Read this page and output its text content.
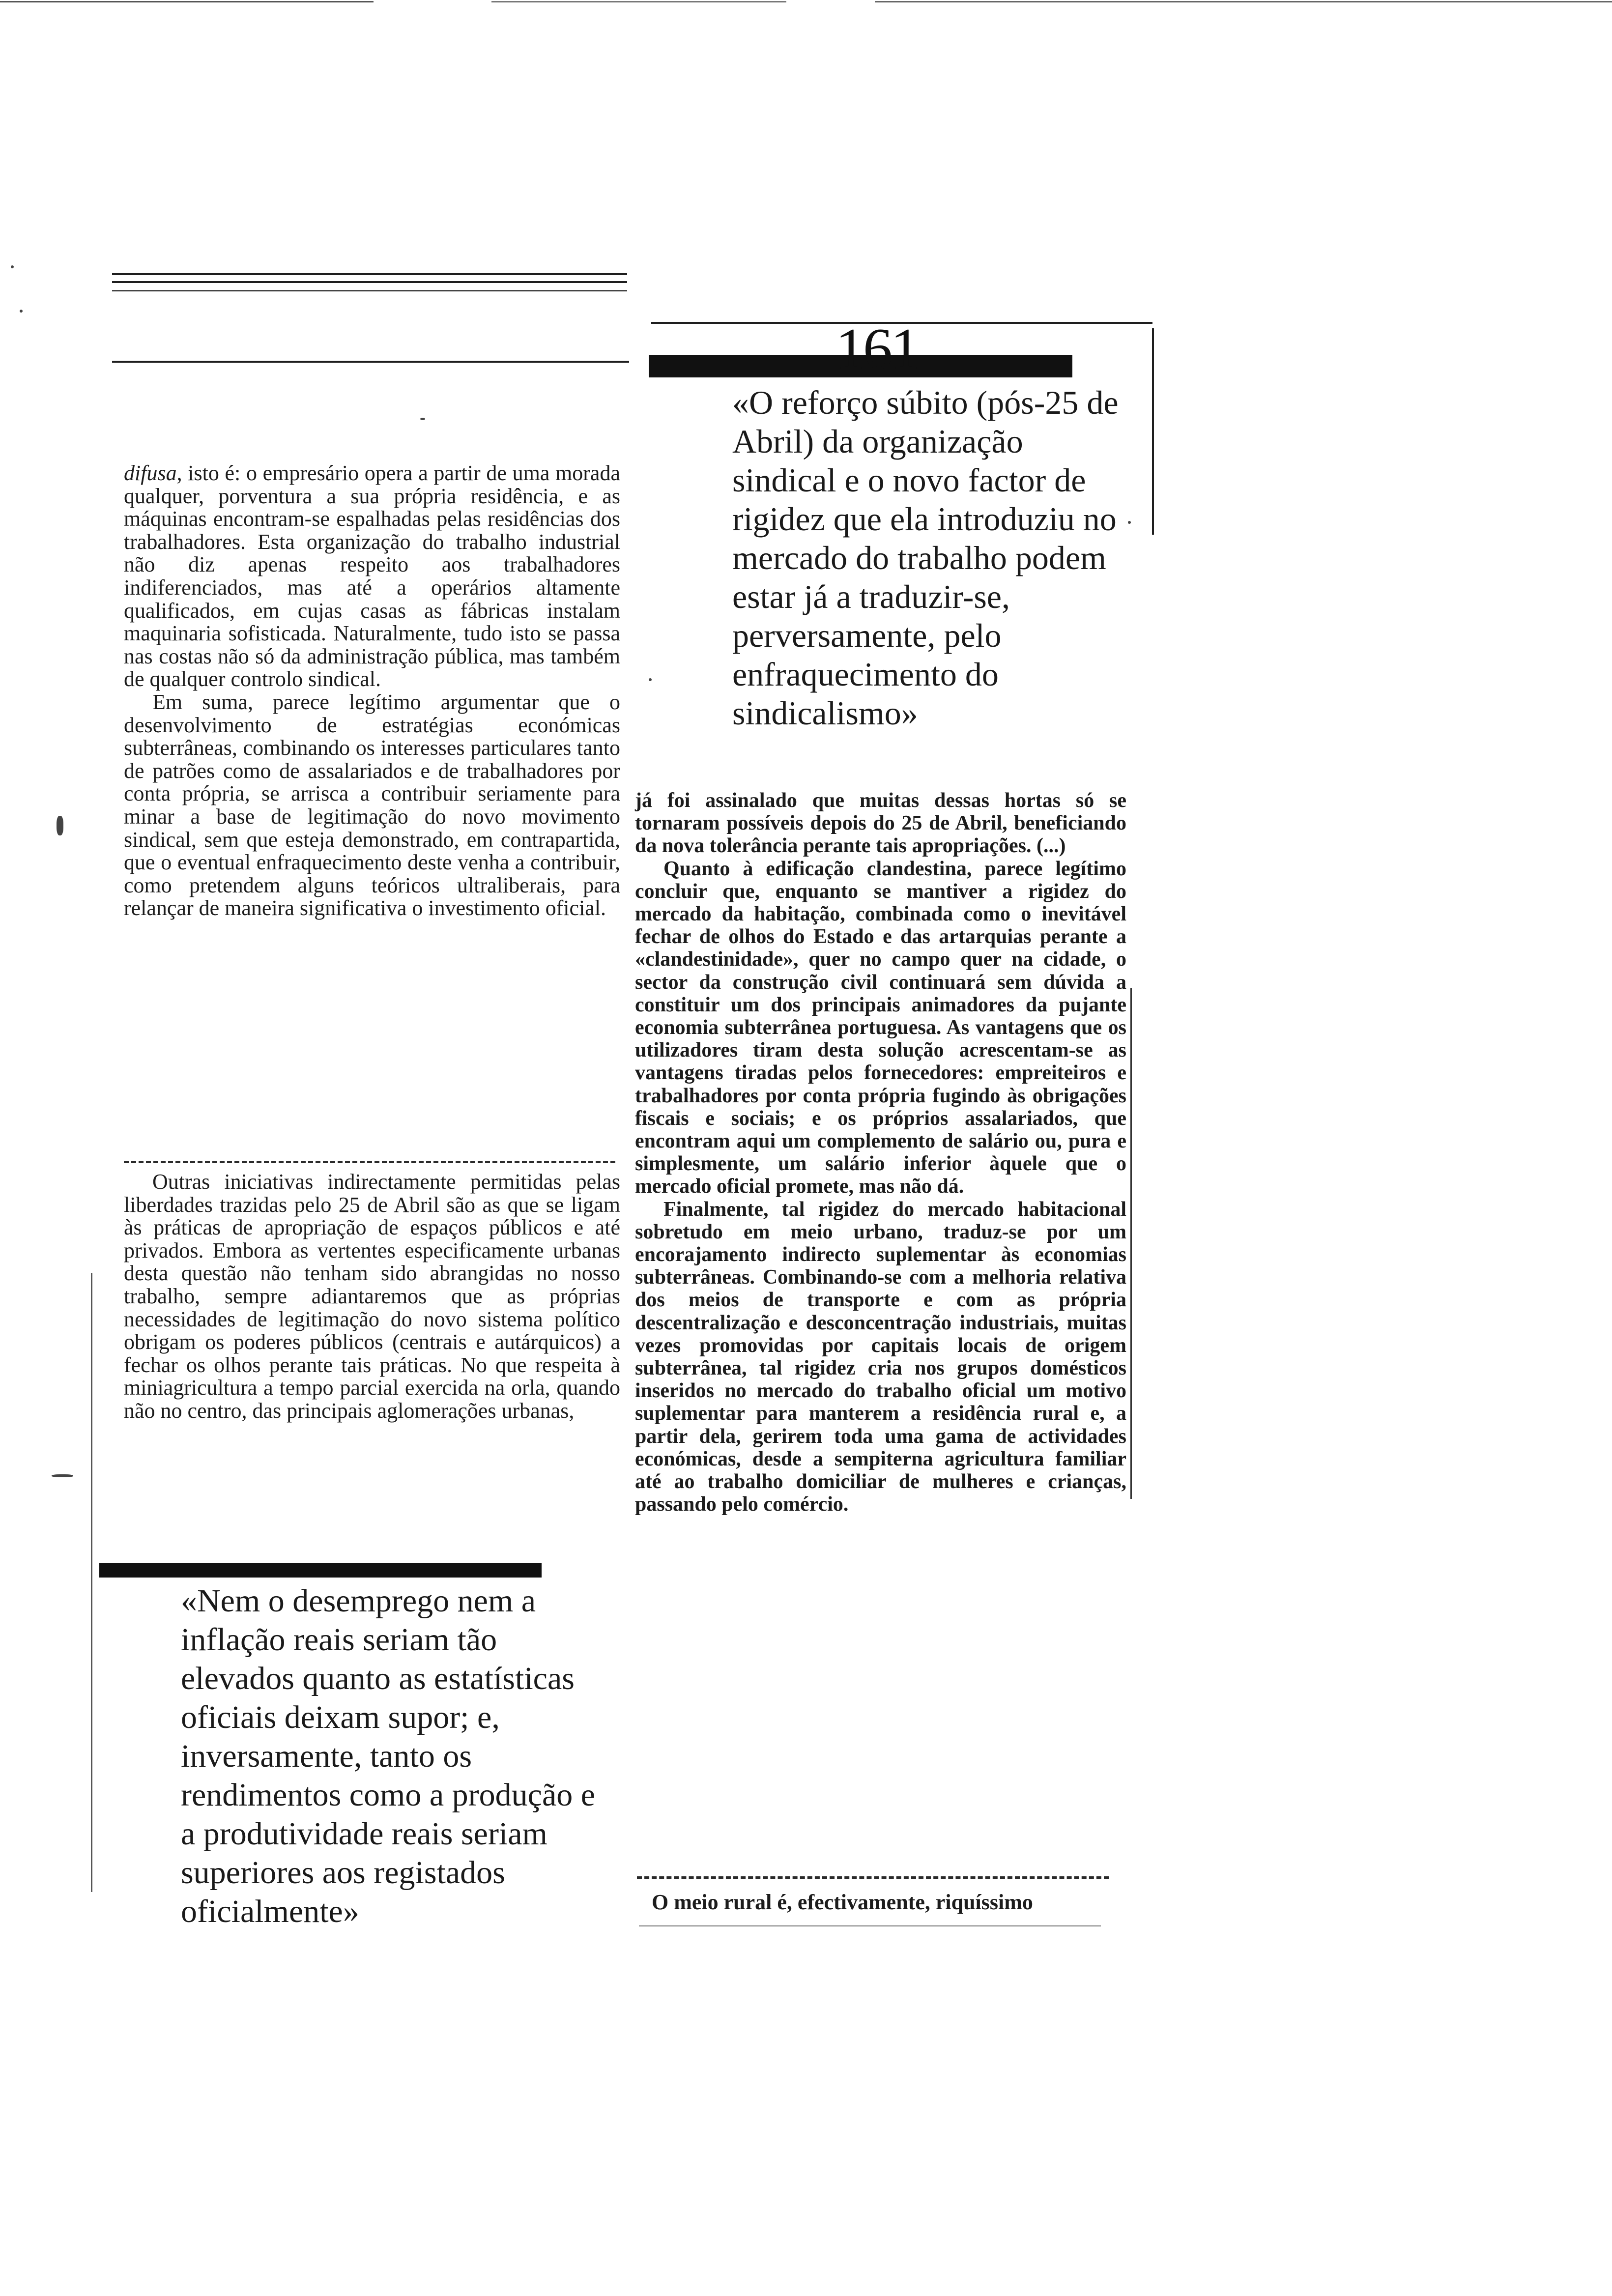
161

«O reforço súbito (pós-25 de Abril) da organização sindical e o novo factor de rigidez que ela introduziu no mercado do trabalho podem estar já a traduzir-se, perversamente, pelo enfraquecimento do sindicalismo»

difusa, isto é: o empresário opera a partir de uma morada qualquer, porventura a sua própria residência, e as máquinas encontram-se espalhadas pelas residências dos trabalhadores. Esta organização do trabalho industrial não diz apenas respeito aos trabalhadores indiferenciados, mas até a operários altamente qualificados, em cujas casas as fábricas instalam maquinaria sofisticada. Naturalmente, tudo isto se passa nas costas não só da administração pública, mas também de qualquer controlo sindical.

Em suma, parece legítimo argumentar que o desenvolvimento de estratégias económicas subterrâneas, combinando os interesses particulares tanto de patrões como de assalariados e de trabalhadores por conta própria, se arrisca a contribuir seriamente para minar a base de legitimação do novo movimento sindical, sem que esteja demonstrado, em contrapartida, que o eventual enfraquecimento deste venha a contribuir, como pretendem alguns teóricos ultraliberais, para relançar de maneira significativa o investimento oficial.

Outras iniciativas indirectamente permitidas pelas liberdades trazidas pelo 25 de Abril são as que se ligam às práticas de apropriação de espaços públicos e até privados. Embora as vertentes especificamente urbanas desta questão não tenham sido abrangidas no nosso trabalho, sempre adiantaremos que as próprias necessidades de legitimação do novo sistema político obrigam os poderes públicos (centrais e autárquicos) a fechar os olhos perante tais práticas. No que respeita à miniagricultura a tempo parcial exercida na orla, quando não no centro, das principais aglomerações urbanas,

«Nem o desemprego nem a inflação reais seriam tão elevados quanto as estatísticas oficiais deixam supor; e, inversamente, tanto os rendimentos como a produção e a produtividade reais seriam superiores aos registados oficialmente»

já foi assinalado que muitas dessas hortas só se tornaram possíveis depois do 25 de Abril, beneficiando da nova tolerância perante tais apropriações. (...)

Quanto à edificação clandestina, parece legítimo concluir que, enquanto se mantiver a rigidez do mercado da habitação, combinada como o inevitável fechar de olhos do Estado e das artarquias perante a «clandestinidade», quer no campo quer na cidade, o sector da construção civil continuará sem dúvida a constituir um dos principais animadores da pujante economia subterrânea portuguesa. As vantagens que os utilizadores tiram desta solução acrescentam-se as vantagens tiradas pelos fornecedores: empreiteiros e trabalhadores por conta própria fugindo às obrigações fiscais e sociais; e os próprios assalariados, que encontram aqui um complemento de salário ou, pura e simplesmente, um salário inferior àquele que o mercado oficial promete, mas não dá.

Finalmente, tal rigidez do mercado habitacional sobretudo em meio urbano, traduz-se por um encorajamento indirecto suplementar às economias subterrâneas. Combinando-se com a melhoria relativa dos meios de transporte e com as própria descentralização e desconcentração industriais, muitas vezes promovidas por capitais locais de origem subterrânea, tal rigidez cria nos grupos domésticos inseridos no mercado do trabalho oficial um motivo suplementar para manterem a residência rural e, a partir dela, gerirem toda uma gama de actividades económicas, desde a sempiterna agricultura familiar até ao trabalho domiciliar de mulheres e crianças, passando pelo comércio.

O meio rural é, efectivamente, riquíssimo
